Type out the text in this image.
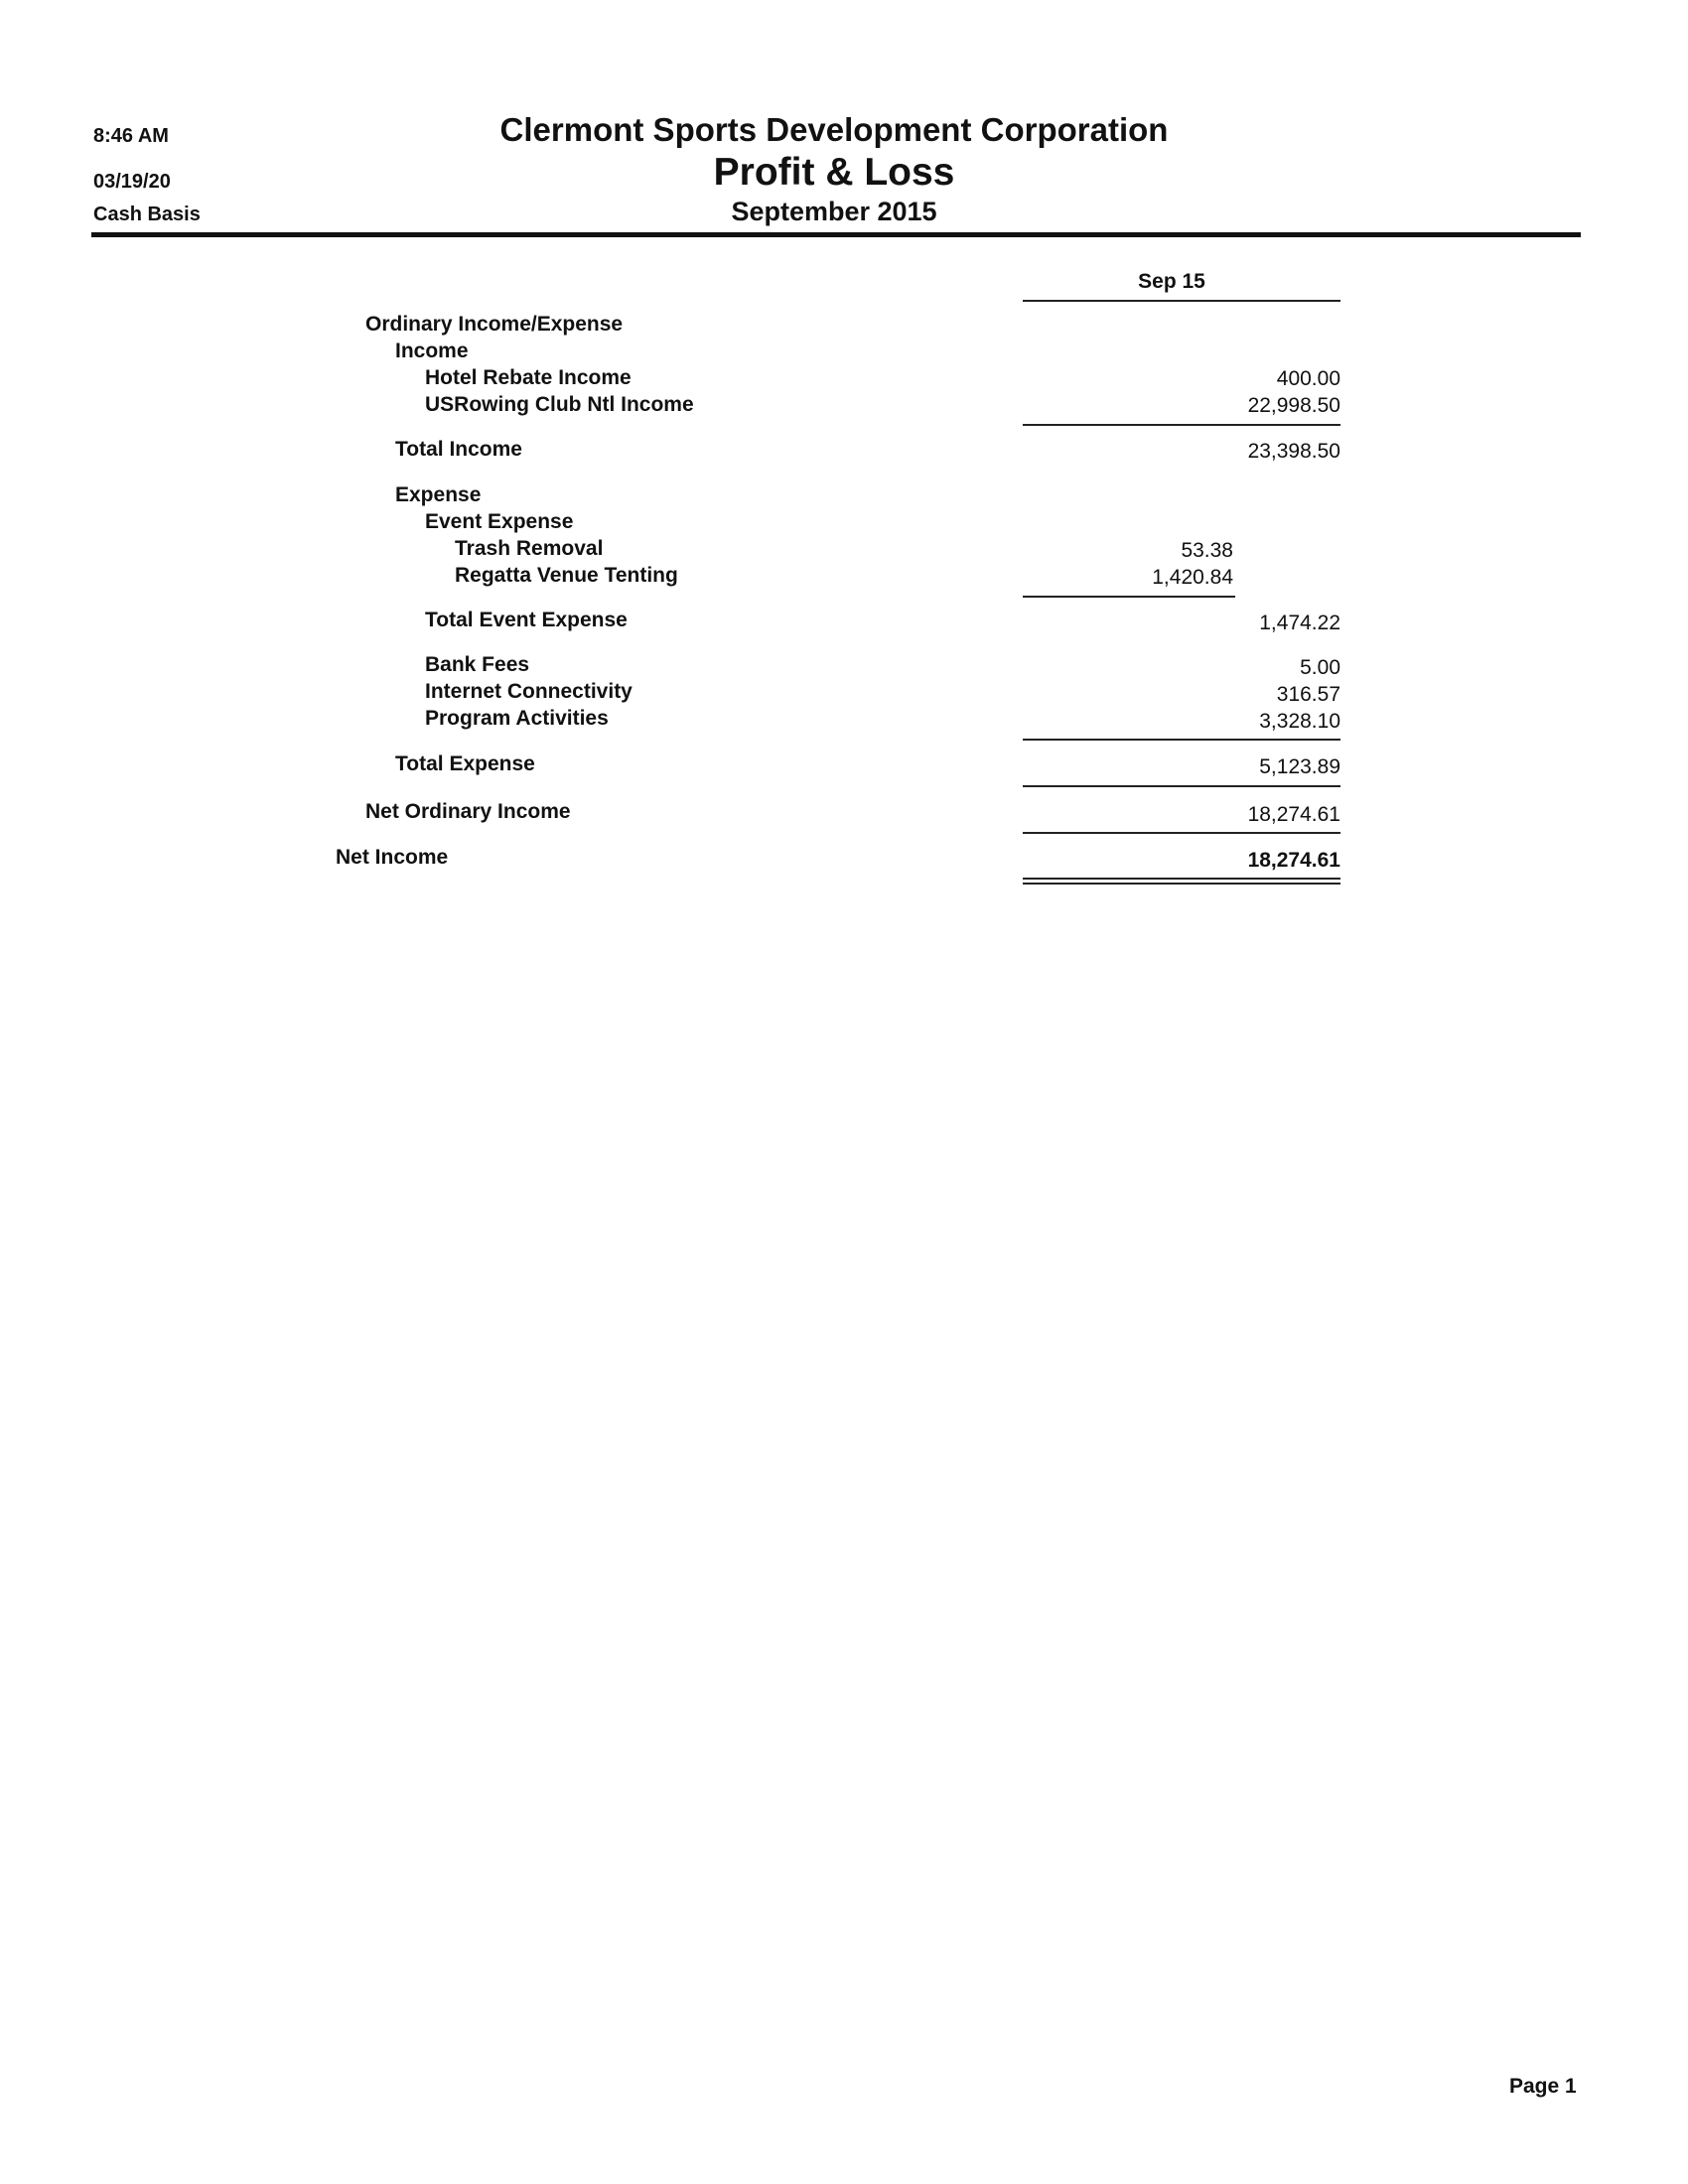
8:46 AM
03/19/20
Cash Basis
Clermont Sports Development Corporation
Profit & Loss
September 2015
Sep 15
Ordinary Income/Expense
Income
Hotel Rebate Income	400.00
USRowing Club Ntl Income	22,998.50
Total Income	23,398.50
Expense
Event Expense
Trash Removal	53.38
Regatta Venue Tenting	1,420.84
Total Event Expense	1,474.22
Bank Fees	5.00
Internet Connectivity	316.57
Program Activities	3,328.10
Total Expense	5,123.89
Net Ordinary Income	18,274.61
Net Income	18,274.61
Page 1
